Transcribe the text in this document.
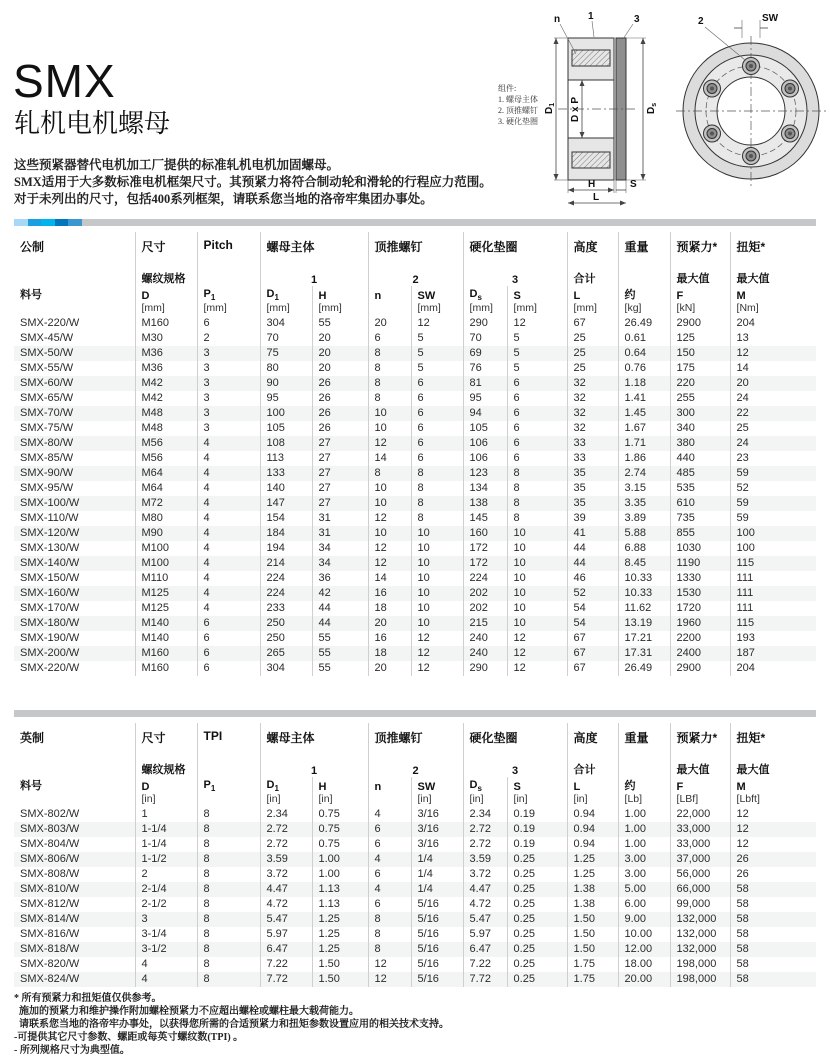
SMX
轧机电机螺母
这些预紧器替代电机加工厂提供的标准轧机电机加固螺母。
SMX适用于大多数标准电机框架尺寸。其预紧力将符合制动轮和滑轮的行程应力范围。
对于未列出的尺寸，包括400系列框架，请联系您当地的洛帝牢集团办事处。
组件:
1. 螺母主体
2. 顶推螺钉
3. 硬化垫圈
$D_1$ D x P	$D_s$
H	S
L
n	1	3	2	SW
公制	尺寸	Pitch	螺母主体		顶推螺钉		硬化垫圈		高度	重量	预紧力*	扭矩*
	螺纹规格		1		2		3		合计		最大值	最大值
料号	D	$P_1$	$D_1$	H	n	SW	$D_s$	S	L	约	F	M
	[mm]	[mm]	[mm]	[mm]		[mm]	[mm]	[mm]	[mm]	[kg]	[kN]	[Nm]
SMX-220/W	M160	6	304	55	20	12	290	12	67	26.49	2900	204
SMX-45/W	M30	2	70	20	6	5	70	5	25	0.61	125	13
SMX-50/W	M36	3	75	20	8	5	69	5	25	0.64	150	12
SMX-55/W	M36	3	80	20	8	5	76	5	25	0.76	175	14
SMX-60/W	M42	3	90	26	8	6	81	6	32	1.18	220	20
SMX-65/W	M42	3	95	26	8	6	95	6	32	1.41	255	24
SMX-70/W	M48	3	100	26	10	6	94	6	32	1.45	300	22
SMX-75/W	M48	3	105	26	10	6	105	6	32	1.67	340	25
SMX-80/W	M56	4	108	27	12	6	106	6	33	1.71	380	24
SMX-85/W	M56	4	113	27	14	6	106	6	33	1.86	440	23
SMX-90/W	M64	4	133	27	8	8	123	8	35	2.74	485	59
SMX-95/W	M64	4	140	27	10	8	134	8	35	3.15	535	52
SMX-100/W	M72	4	147	27	10	8	138	8	35	3.35	610	59
SMX-110/W	M80	4	154	31	12	8	145	8	39	3.89	735	59
SMX-120/W	M90	4	184	31	10	10	160	10	41	5.88	855	100
SMX-130/W	M100	4	194	34	12	10	172	10	44	6.88	1030	100
SMX-140/W	M100	4	214	34	12	10	172	10	44	8.45	1190	115
SMX-150/W	M110	4	224	36	14	10	224	10	46	10.33	1330	111
SMX-160/W	M125	4	224	42	16	10	202	10	52	10.33	1530	111
SMX-170/W	M125	4	233	44	18	10	202	10	54	11.62	1720	111
SMX-180/W	M140	6	250	44	20	10	215	10	54	13.19	1960	115
SMX-190/W	M140	6	250	55	16	12	240	12	67	17.21	2200	193
SMX-200/W	M160	6	265	55	18	12	240	12	67	17.31	2400	187
SMX-220/W	M160	6	304	55	20	12	290	12	67	26.49	2900	204
英制	尺寸	TPI	螺母主体		顶推螺钉		硬化垫圈		高度	重量	预紧力*	扭矩*
	螺纹规格		1		2		3		合计		最大值	最大值
料号	D	$P_1$	$D_1$	H	n	SW	$D_s$	S	L	约	F	M
	[in]		[in]	[in]		[in]	[in]	[in]	[in]	[Lb]	[LBf]	[Lbft]
SMX-802/W	1	8	2.34	0.75	4	3/16	2.34	0.19	0.94	1.00	22,000	12
SMX-803/W	1-1/4	8	2.72	0.75	6	3/16	2.72	0.19	0.94	1.00	33,000	12
SMX-804/W	1-1/4	8	2.72	0.75	6	3/16	2.72	0.19	0.94	1.00	33,000	12
SMX-806/W	1-1/2	8	3.59	1.00	4	1/4	3.59	0.25	1.25	3.00	37,000	26
SMX-808/W	2	8	3.72	1.00	6	1/4	3.72	0.25	1.25	3.00	56,000	26
SMX-810/W	2-1/4	8	4.47	1.13	4	1/4	4.47	0.25	1.38	5.00	66,000	58
SMX-812/W	2-1/2	8	4.72	1.13	6	5/16	4.72	0.25	1.38	6.00	99,000	58
SMX-814/W	3	8	5.47	1.25	8	5/16	5.47	0.25	1.50	9.00	132,000	58
SMX-816/W	3-1/4	8	5.97	1.25	8	5/16	5.97	0.25	1.50	10.00	132,000	58
SMX-818/W	3-1/2	8	6.47	1.25	8	5/16	6.47	0.25	1.50	12.00	132,000	58
SMX-820/W	4	8	7.22	1.50	12	5/16	7.22	0.25	1.75	18.00	198,000	58
SMX-824/W	4	8	7.72	1.50	12	5/16	7.72	0.25	1.75	20.00	198,000	58
* 所有预紧力和扭矩值仅供参考。
施加的预紧力和维护操作附加螺栓预紧力不应超出螺栓或螺柱最大载荷能力。
请联系您当地的洛帝牢办事处，以获得您所需的合适预紧力和扭矩参数设置应用的相关技术支持。
-可提供其它尺寸参数、螺距或每英寸螺纹数(TPI) 。
- 所列规格尺寸为典型值。
